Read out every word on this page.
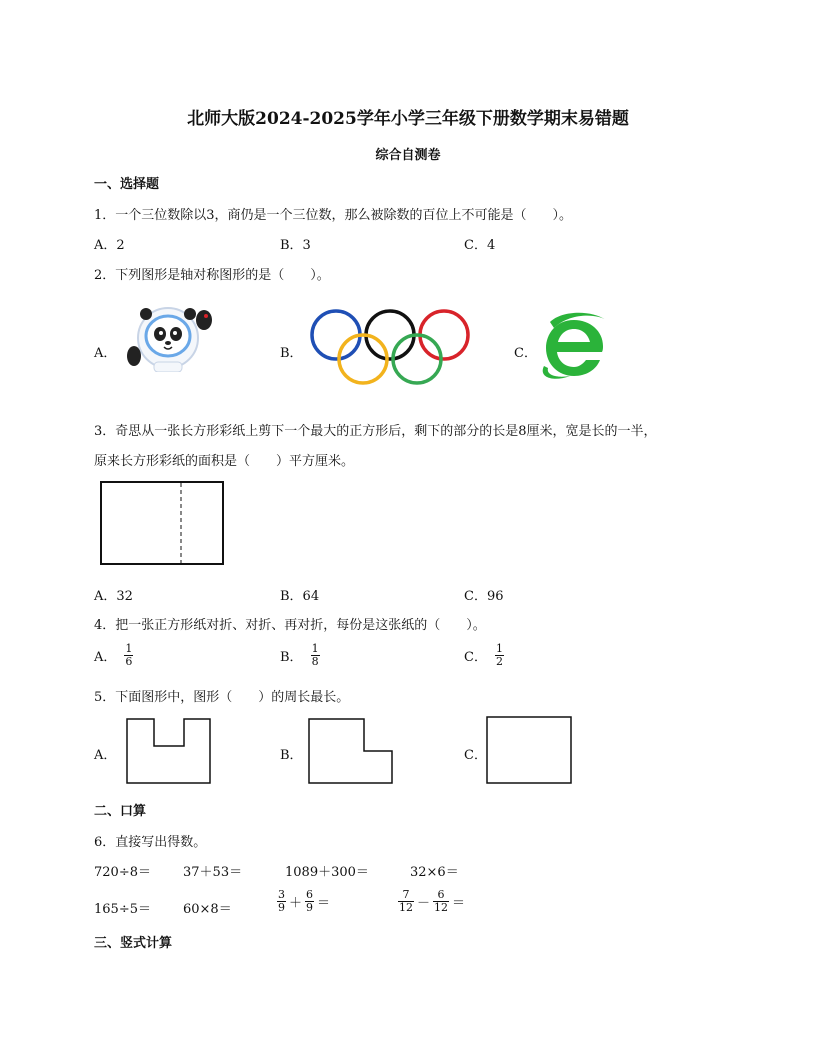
北师大版2024-2025学年小学三年级下册数学期末易错题
综合自测卷
一、选择题
1．一个三位数除以3，商仍是一个三位数，那么被除数的百位上不可能是（　　）。
A．2	B．3	C．4
2．下列图形是轴对称图形的是（　　）。
A．	B．	C．
3．奇思从一张长方形彩纸上剪下一个最大的正方形后，剩下的部分的长是8厘米，宽是长的一半，
原来长方形彩纸的面积是（　　）平方厘米。
A．32	B．64	C．96
4．把一张正方形纸对折、对折、再对折，每份是这张纸的（　　）。
A． $\frac{1}{6}$	B． $\frac{1}{8}$	C． $\frac{1}{2}$
5．下面图形中，图形（　　）的周长最长。
A．	B．	C．
二、口算
6．直接写出得数。
720÷8＝ 37＋53＝	1089＋300＝	32×6＝
165÷5＝ 60×8＝	$\frac{3}{9} + \frac{6}{9}$ ＝	$\frac{7}{12} - \frac{6}{12}$ ＝
三、竖式计算
